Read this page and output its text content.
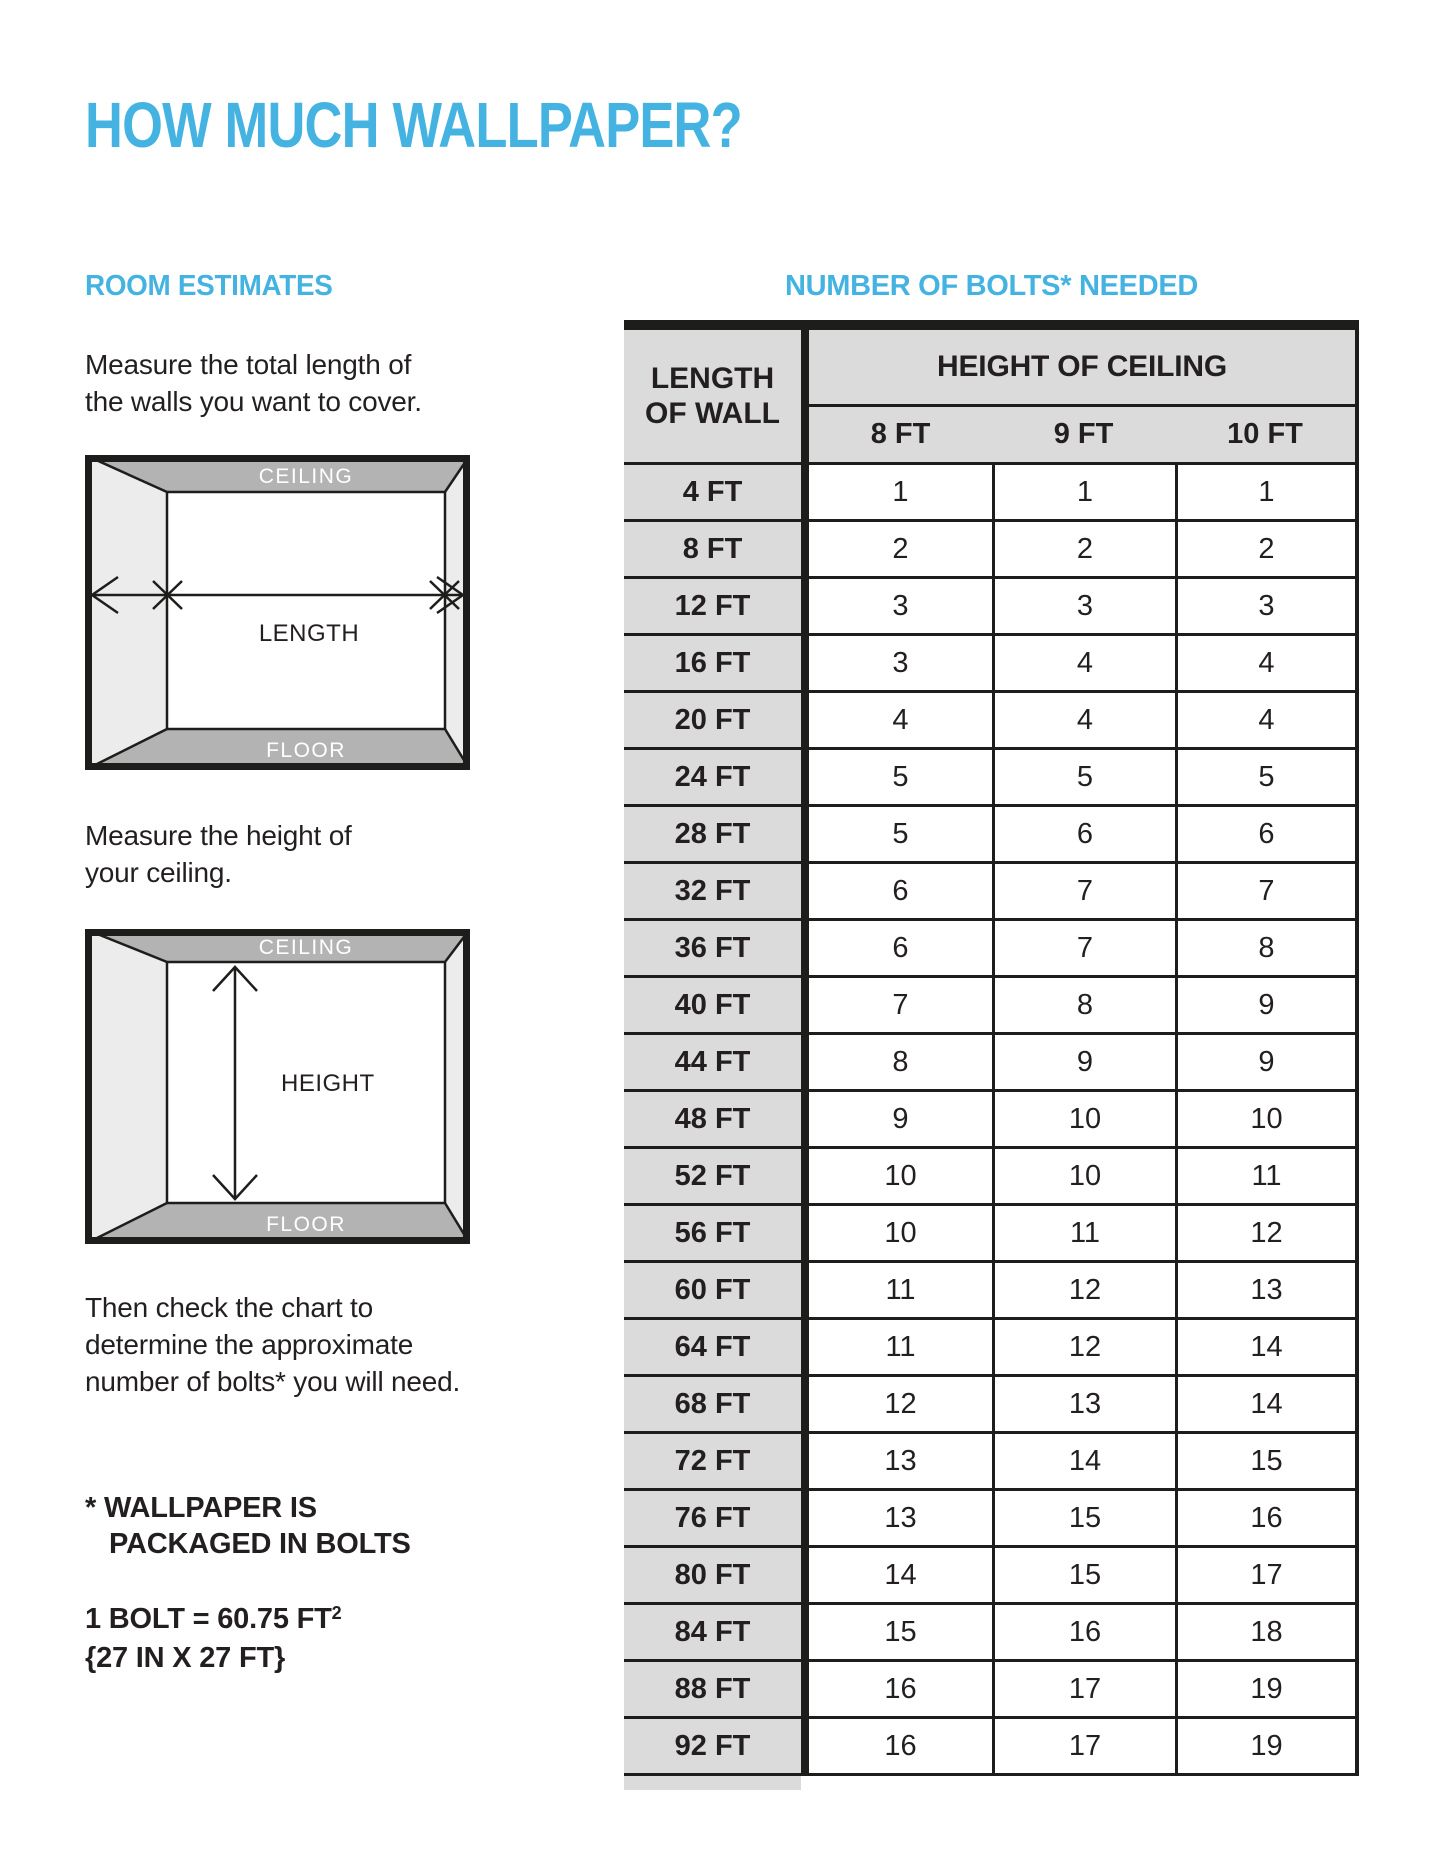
HOW MUCH WALLPAPER?
ROOM ESTIMATES
Measure the total length of
the walls you want to cover.
CEILING
FLOOR
LENGTH
Measure the height of
your ceiling.
CEILING
FLOOR
HEIGHT
Then check the chart to
determine the approximate
number of bolts* you will need.
* WALLPAPER IS
PACKAGED IN BOLTS
1 BOLT = 60.75 $FT^2$
{27 IN X 27 FT}
NUMBER OF BOLTS* NEEDED
LENGTH
OF WALL
HEIGHT OF CEILING
8 FT	9 FT	10 FT
4 FT	1	1	1
8 FT	2	2	2
12 FT	3	3	3
16 FT	3	4	4
20 FT	4	4	4
24 FT	5	5	5
28 FT	5	6	6
32 FT	6	7	7
36 FT	6	7	8
40 FT	7	8	9
44 FT	8	9	9
48 FT	9	10	10
52 FT	10	10	11
56 FT	10	11	12
60 FT	11	12	13
64 FT	11	12	14
68 FT	12	13	14
72 FT	13	14	15
76 FT	13	15	16
80 FT	14	15	17
84 FT	15	16	18
88 FT	16	17	19
92 FT	16	17	19
